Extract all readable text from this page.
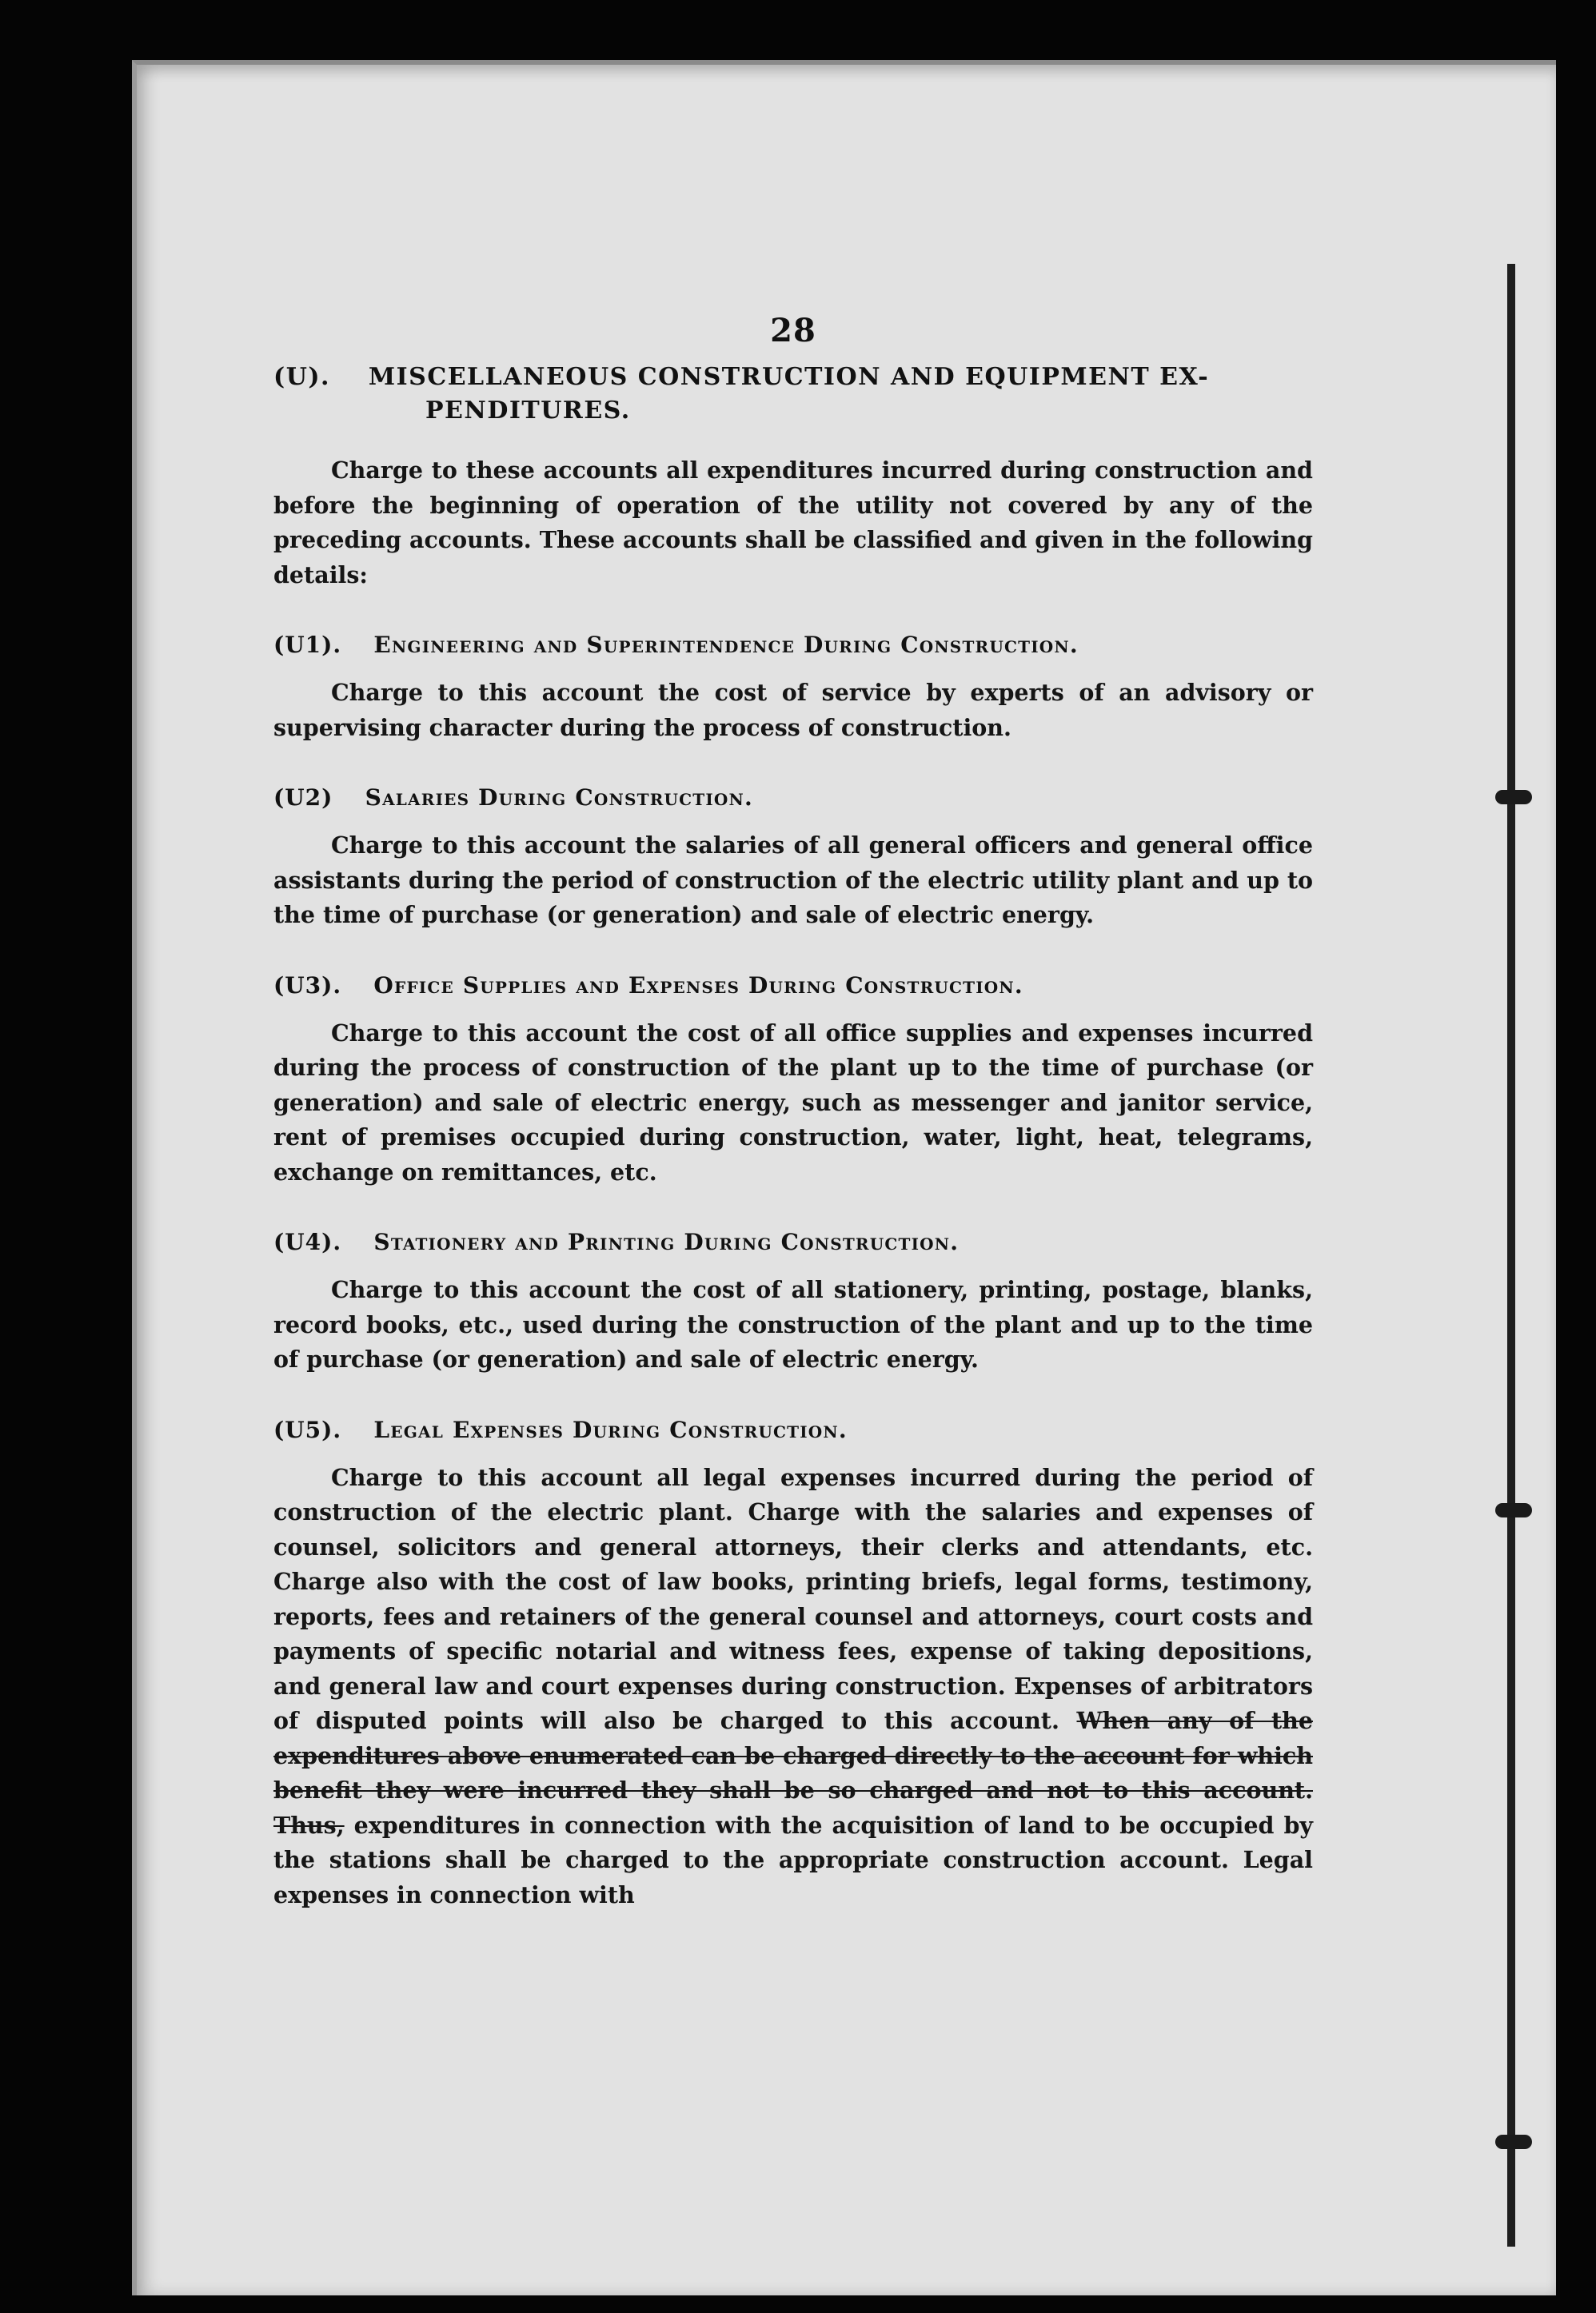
28
(U). MISCELLANEOUS CONSTRUCTION AND EQUIPMENT EX-
PENDITURES.

Charge to these accounts all expenditures incurred during construction and before the beginning of operation of the utility not covered by any of the preceding accounts. These accounts shall be classified and given in the following details:

(U1). Engineering and Superintendence During Construction.

Charge to this account the cost of service by experts of an advisory or supervising character during the process of construction.

(U2) Salaries During Construction.

Charge to this account the salaries of all general officers and general office assistants during the period of construction of the electric utility plant and up to the time of purchase (or generation) and sale of electric energy.

(U3). Office Supplies and Expenses During Construction.

Charge to this account the cost of all office supplies and expenses incurred during the process of construction of the plant up to the time of purchase (or generation) and sale of electric energy, such as messenger and janitor service, rent of premises occupied during construction, water, light, heat, telegrams, exchange on remittances, etc.

(U4). Stationery and Printing During Construction.

Charge to this account the cost of all stationery, printing, postage, blanks, record books, etc., used during the construction of the plant and up to the time of purchase (or generation) and sale of electric energy.

(U5). Legal Expenses During Construction.

Charge to this account all legal expenses incurred during the period of construction of the electric plant. Charge with the salaries and expenses of counsel, solicitors and general attorneys, their clerks and attendants, etc. Charge also with the cost of law books, printing briefs, legal forms, testimony, reports, fees and retainers of the general counsel and attorneys, court costs and payments of specific notarial and witness fees, expense of taking depositions, and general law and court expenses during construction. Expenses of arbitrators of disputed points will also be charged to this account. When any of the expenditures above enumerated can be charged directly to the account for which benefit they were incurred they shall be so charged and not to this account. Thus, expenditures in connection with the acquisition of land to be occupied by the stations shall be charged to the appropriate construction account. Legal expenses in connection with
